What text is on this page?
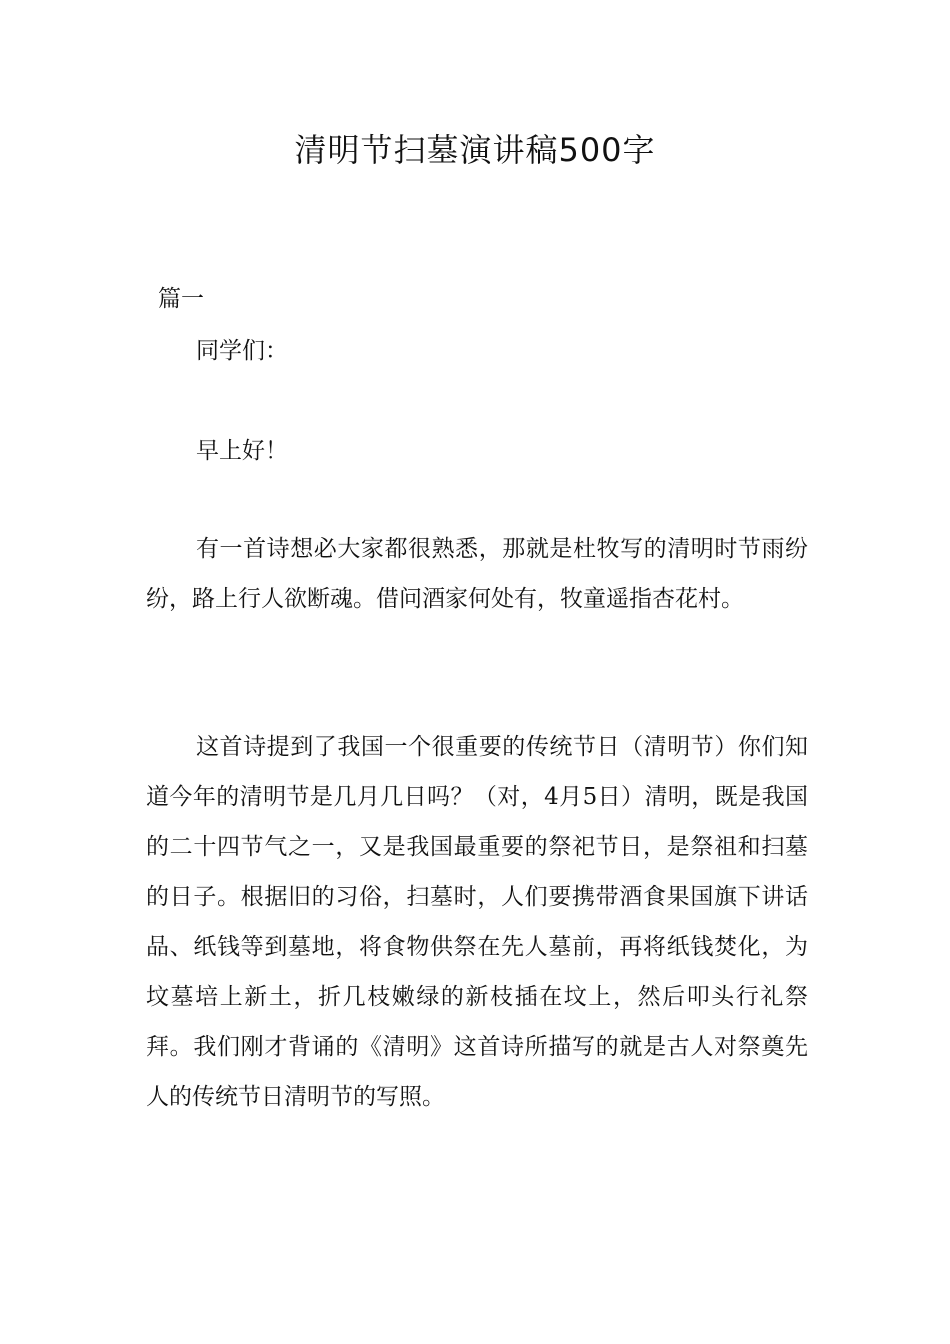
清明节扫墓演讲稿500字
篇一

同学们：

早上好！

有一首诗想必大家都很熟悉，那就是杜牧写的清明时节雨纷纷，路上行人欲断魂。借问酒家何处有，牧童遥指杏花村。

这首诗提到了我国一个很重要的传统节日（清明节）你们知道今年的清明节是几月几日吗？（对，4月5日）清明，既是我国的二十四节气之一，又是我国最重要的祭祀节日，是祭祖和扫墓的日子。根据旧的习俗，扫墓时，人们要携带酒食果国旗下讲话品、纸钱等到墓地，将食物供祭在先人墓前，再将纸钱焚化，为坟墓培上新土，折几枝嫩绿的新枝插在坟上，然后叩头行礼祭拜。我们刚才背诵的《清明》这首诗所描写的就是古人对祭奠先人的传统节日清明节的写照。
